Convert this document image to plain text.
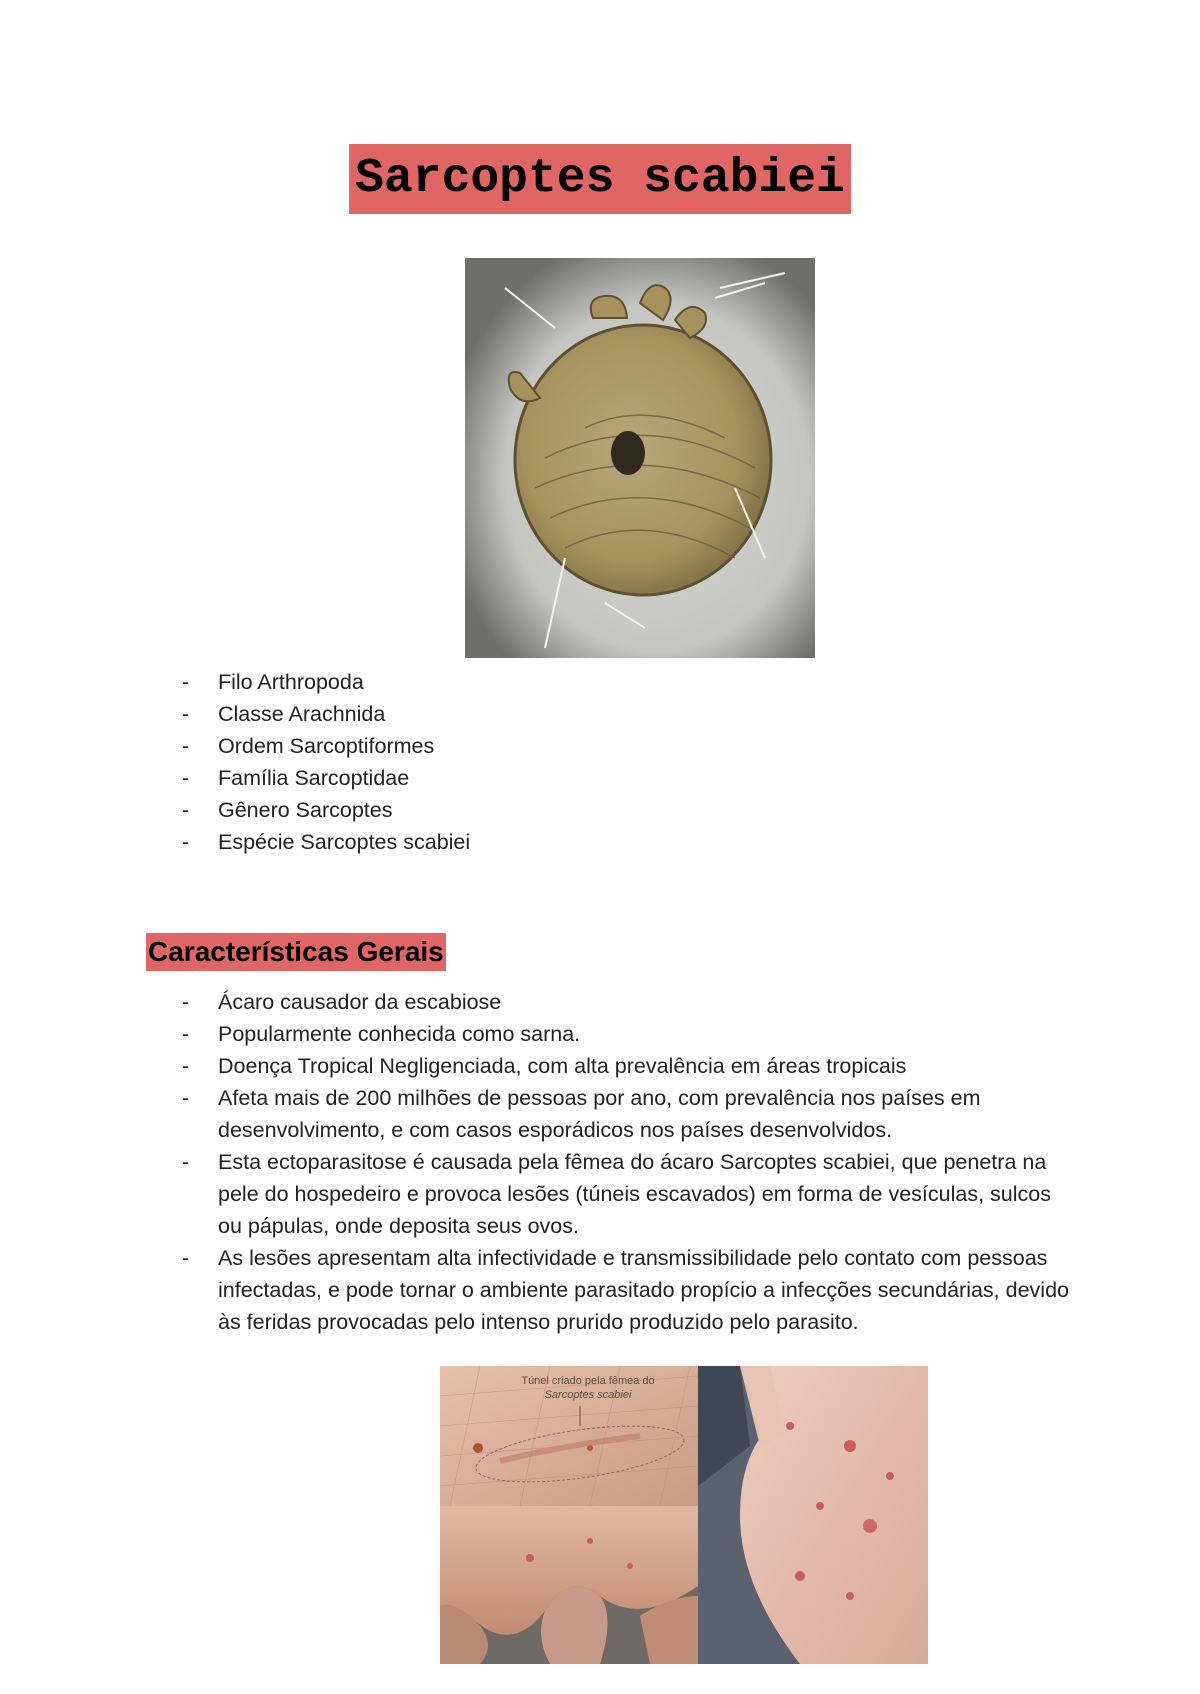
Sarcoptes scabiei
- Filo Arthropoda
- Classe Arachnida
- Ordem Sarcoptiformes
- Família Sarcoptidae
- Gênero Sarcoptes
- Espécie Sarcoptes scabiei
Características Gerais
- Ácaro causador da escabiose
- Popularmente conhecida como sarna.
- Doença Tropical Negligenciada, com alta prevalência em áreas tropicais
- Afeta mais de 200 milhões de pessoas por ano, com prevalência nos países em desenvolvimento, e com casos esporádicos nos países desenvolvidos.
- Esta ectoparasitose é causada pela fêmea do ácaro Sarcoptes scabiei, que penetra na pele do hospedeiro e provoca lesões (túneis escavados) em forma de vesículas, sulcos ou pápulas, onde deposita seus ovos.
- As lesões apresentam alta infectividade e transmissibilidade pelo contato com pessoas infectadas, e pode tornar o ambiente parasitado propício a infecções secundárias, devido às feridas provocadas pelo intenso prurido produzido pelo parasito.
Túnel criado pela fêmea do
Sarcoptes scabiei
